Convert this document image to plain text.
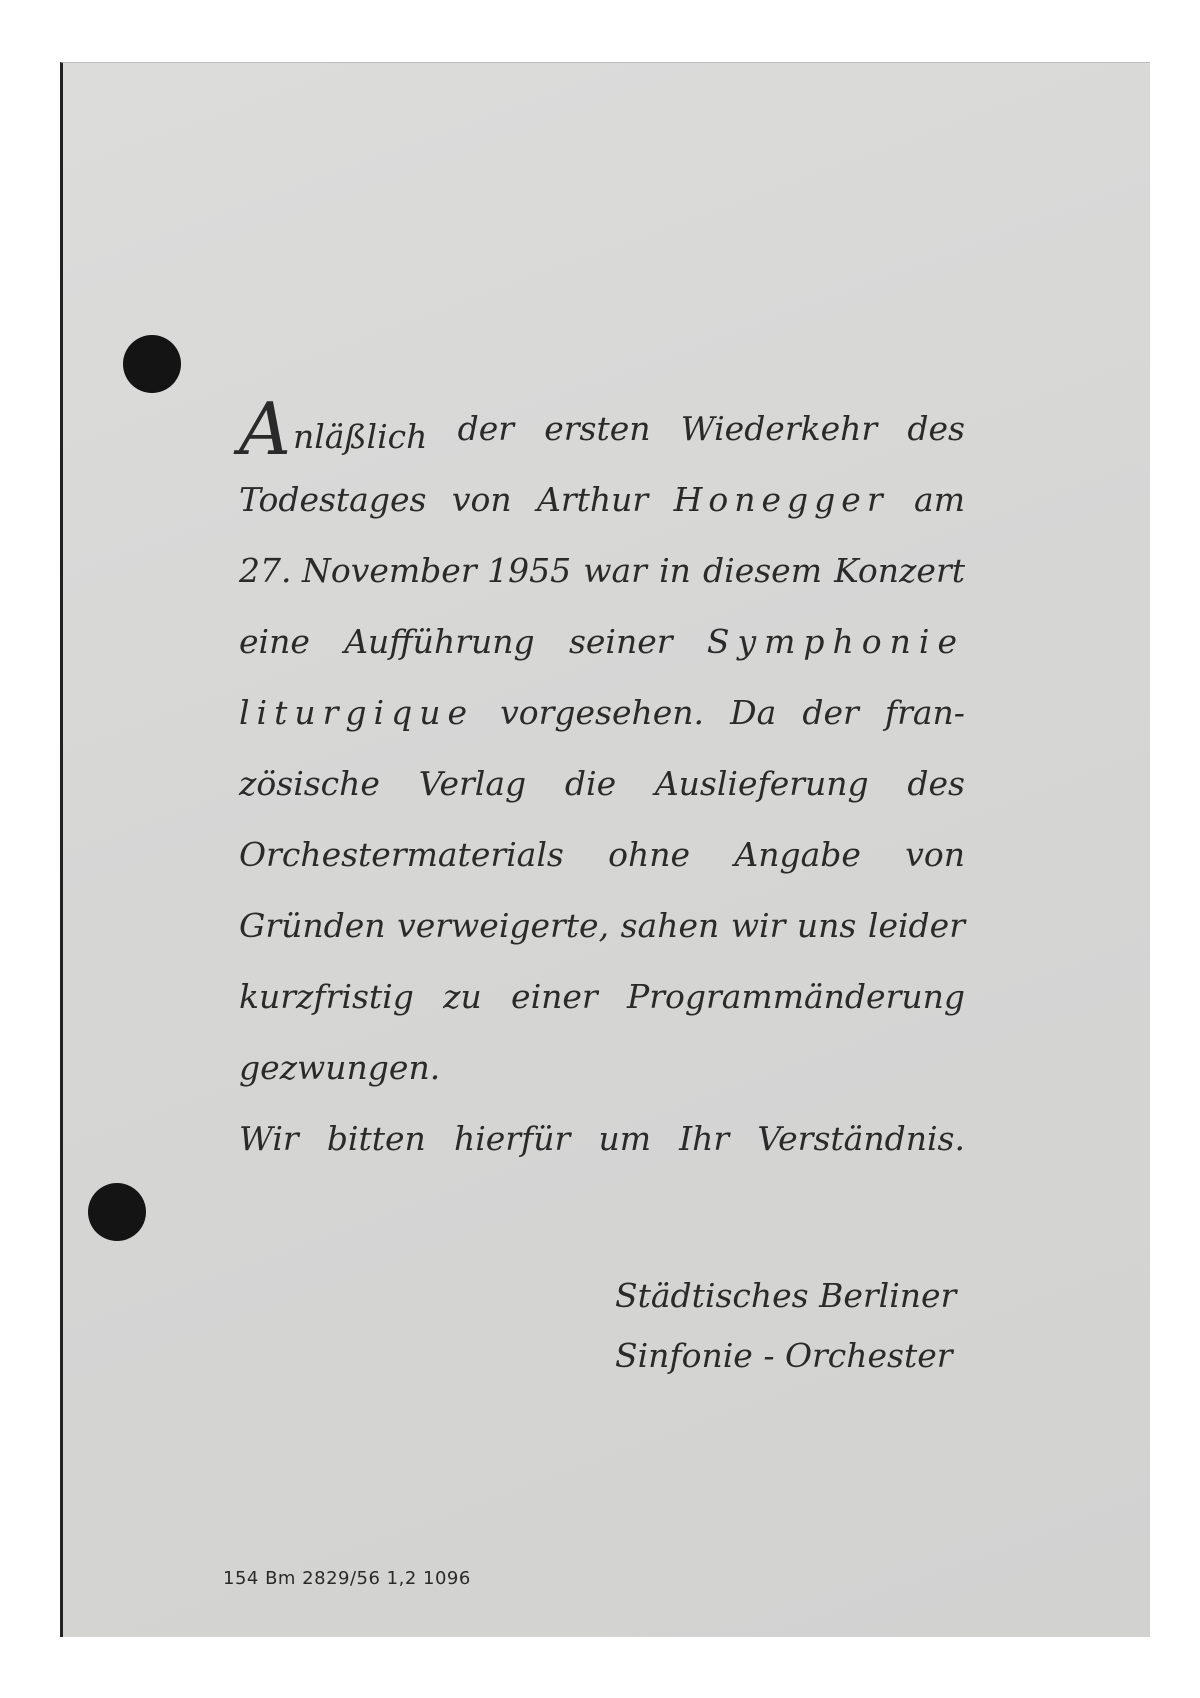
A nläßlich der ersten Wiederkehr des
Todestages von Arthur Honegger am
27. November 1955 war in diesem Konzert
eine Aufführung seiner Symphonie
liturgique vorgesehen. Da der fran-
zösische Verlag die Auslieferung des
Orchestermaterials ohne Angabe von
Gründen verweigerte, sahen wir uns leider
kurzfristig zu einer Programmänderung
gezwungen.
Wir bitten hierfür um Ihr Verständnis.
Städtisches Berliner
Sinfonie - Orchester
154 Bm 2829/56 1,2 1096
